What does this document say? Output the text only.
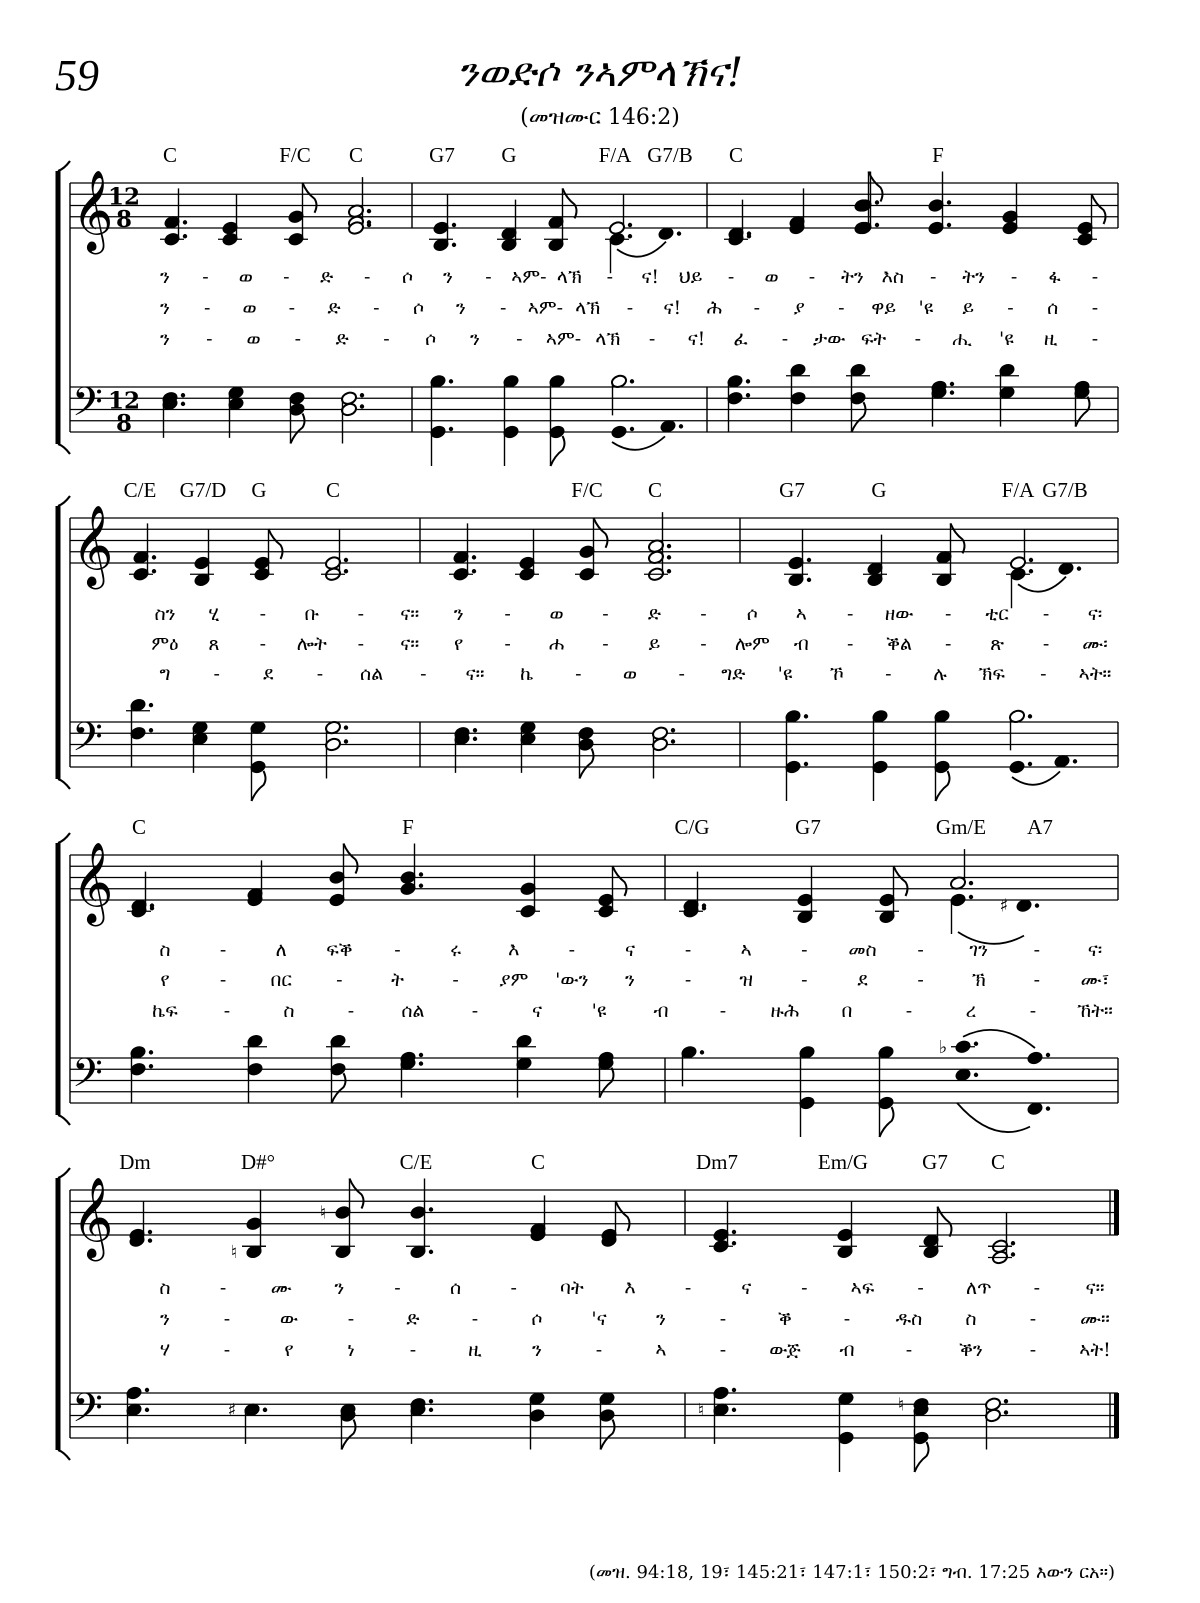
59	ንወድሶ ንኣምላኽና!
(መዝሙር 146:2)
𝄞
𝄢
12
8
12
8
𝄞
𝄢
𝄞
𝄢
𝄞
𝄢
♯
♭
♮
♮
♯	♮	♮
C	F/C C	G7 G	F/A G7/B C	F
C/E G7/D G	C	F/C C	G7	G	F/A G7/B
C	F	C/G	G7	Gm/E A7
Dm	D#°	C/E	C	Dm7	Em/G	G7 C
ን - ወ - ድ - ሶ ን - ኣም- ላኽ - ና! ህይ - ወ - ትን እስ - ትን - ፋ -
ን - ወ - ድ - ሶ ን - ኣም- ላኽ - ና! ሕ - ያ - ዋይ 'ዩ ይ - ሰ -
ን - ወ - ድ - ሶ ን - ኣም- ላኽ - ና! ፈ - ታው ፍት - ሒ 'ዩ ዚ -
ስን ሂ - ቡ - ና። ን - ወ - ድ - ሶ ኣ - ዘው - ቲር - ና፡
ምዕ ጸ - ሎት - ና። የ - ሐ - ይ - ሎም ብ - ቕል - ጽ - ሙ፡
ግ - ደ - ሰል - ና። ኬ - ወ - ግድ 'ዩ ኾ - ሉ ኽፍ - ኣት።
ስ	-	ለ ፍቕ -	ሩ እ	-	ና	-	ኣ	- መስ - ገን -	ና፡
የ	- በር -	ት	- ያም 'ውን ን	-	ዝ	-	ደ	-	ኽ	- ሙ፣
ኬፍ -	ስ	- ሰል -	ና	'ዩ ብ	- ዙሕ በ	-	ረ	- ኸት።
ስ	- ሙ ን	-	ሰ	- ባት እ	-	ና	- ኣፍ - ለጥ - ና።
ን	-	ው	-	ድ	-	ሶ	'ና	ን	-	ቕ	- ዱስ ስ	- ሙ።
ሃ	-	የ	ነ	-	ዚ	ን	-	ኣ	- ውጅ ብ	- ቕን - ኣት!
(መዝ. 94:18, 19፣ 145:21፣ 147:1፣ 150:2፣ ግብ. 17:25 እውን ርአ።)
